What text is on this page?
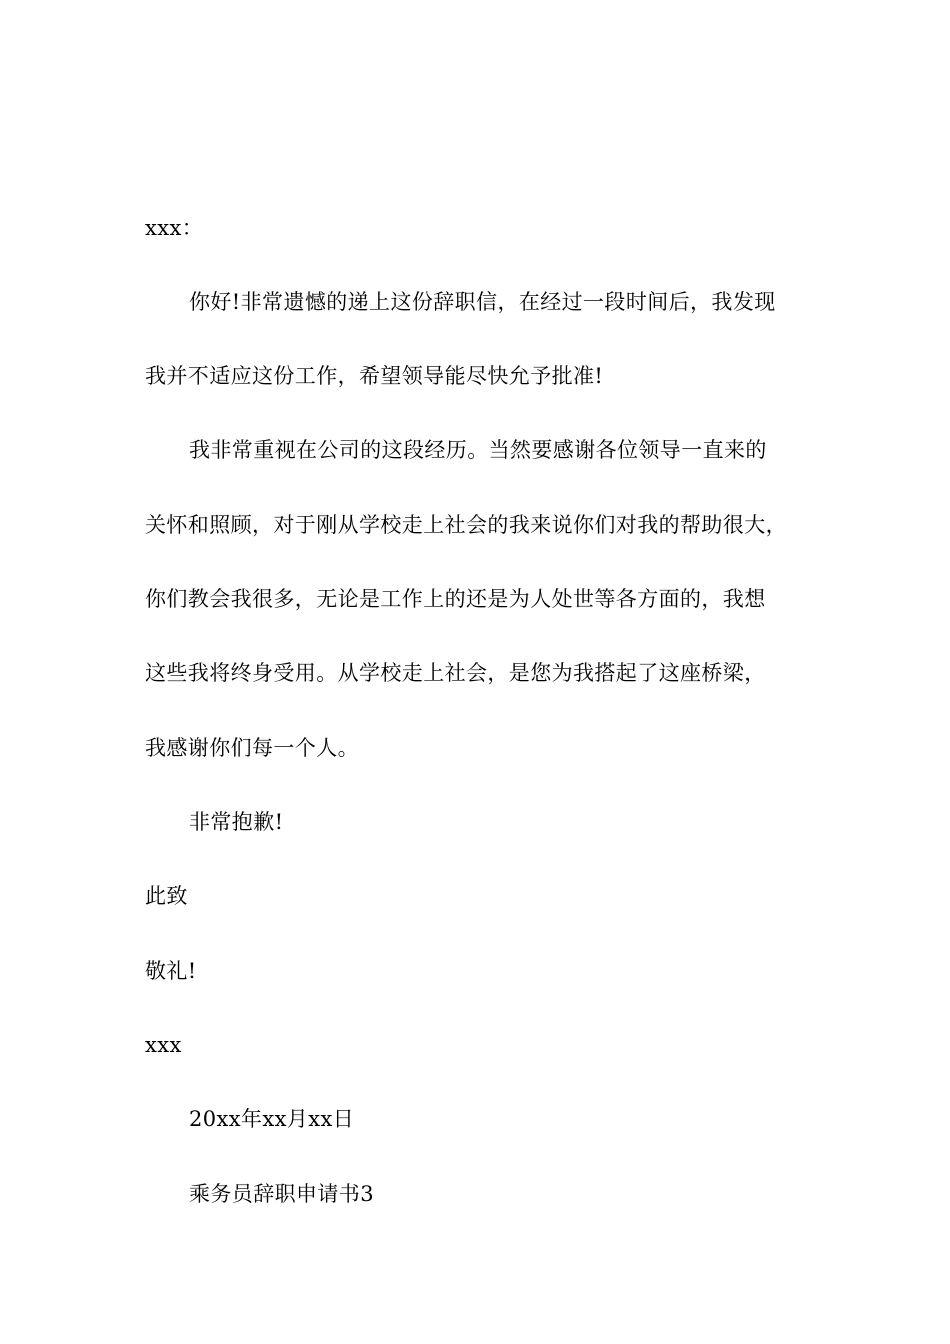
xxx：
你好!非常遗憾的递上这份辞职信，在经过一段时间后，我发现
我并不适应这份工作，希望领导能尽快允予批准!
我非常重视在公司的这段经历。当然要感谢各位领导一直来的
关怀和照顾，对于刚从学校走上社会的我来说你们对我的帮助很大，
你们教会我很多，无论是工作上的还是为人处世等各方面的，我想
这些我将终身受用。从学校走上社会，是您为我搭起了这座桥梁，
我感谢你们每一个人。
非常抱歉!
此致
敬礼!
xxx
20xx年xx月xx日
乘务员辞职申请书3
